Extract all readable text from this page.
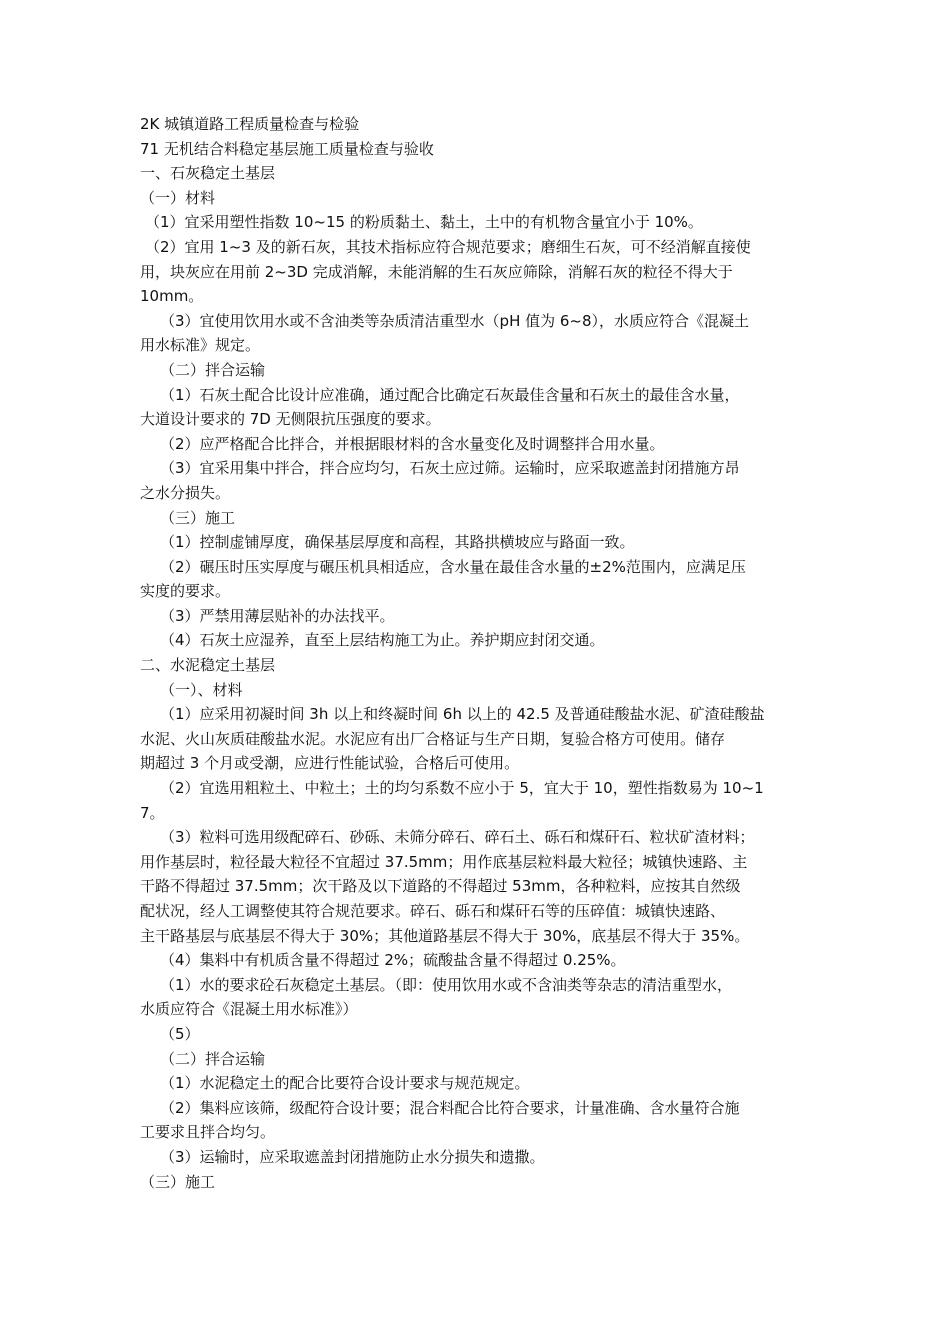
2K 城镇道路工程质量检查与检验
71 无机结合料稳定基层施工质量检查与验收
一、石灰稳定土基层
（一）材料
（1）宜采用塑性指数 10~15 的粉质黏土、黏土，土中的有机物含量宜小于 10%。
（2）宜用 1~3 及的新石灰，其技术指标应符合规范要求；磨细生石灰，可不经消解直接使
用，块灰应在用前 2~3D 完成消解，未能消解的生石灰应筛除，消解石灰的粒径不得大于
10mm。
（3）宜使用饮用水或不含油类等杂质清洁重型水（pH 值为 6~8），水质应符合《混凝土
用水标准》规定。
（二）拌合运输
（1）石灰土配合比设计应准确，通过配合比确定石灰最佳含量和石灰土的最佳含水量，
大道设计要求的 7D 无侧限抗压强度的要求。
（2）应严格配合比拌合，并根据眼材料的含水量变化及时调整拌合用水量。
（3）宜采用集中拌合，拌合应均匀，石灰土应过筛。运输时，应采取遮盖封闭措施方昂
之水分损失。
（三）施工
（1）控制虚铺厚度，确保基层厚度和高程，其路拱横坡应与路面一致。
（2）碾压时压实厚度与碾压机具相适应，含水量在最佳含水量的±2%范围内，应满足压
实度的要求。
（3）严禁用薄层贴补的办法找平。
（4）石灰土应湿养，直至上层结构施工为止。养护期应封闭交通。
二、水泥稳定土基层
（一）、材料
（1）应采用初凝时间 3h 以上和终凝时间 6h 以上的 42.5 及普通硅酸盐水泥、矿渣硅酸盐
水泥、火山灰质硅酸盐水泥。水泥应有出厂合格证与生产日期，复验合格方可使用。储存
期超过 3 个月或受潮，应进行性能试验，合格后可使用。
（2）宜选用粗粒土、中粒土；土的均匀系数不应小于 5，宜大于 10，塑性指数易为 10~1
7。
（3）粒料可选用级配碎石、砂砾、未筛分碎石、碎石土、砾石和煤矸石、粒状矿渣材料；
用作基层时，粒径最大粒径不宜超过 37.5mm；用作底基层粒料最大粒径；城镇快速路、主
干路不得超过 37.5mm；次干路及以下道路的不得超过 53mm，各种粒料，应按其自然级
配状况，经人工调整使其符合规范要求。碎石、砾石和煤矸石等的压碎值：城镇快速路、
主干路基层与底基层不得大于 30%；其他道路基层不得大于 30%，底基层不得大于 35%。
（4）集料中有机质含量不得超过 2%；硫酸盐含量不得超过 0.25%。
（1）水的要求砼石灰稳定土基层。（即：使用饮用水或不含油类等杂志的清洁重型水，
水质应符合《混凝土用水标准》）
（5）
（二）拌合运输
（1）水泥稳定土的配合比要符合设计要求与规范规定。
（2）集料应该筛，级配符合设计要；混合料配合比符合要求，计量准确、含水量符合施
工要求且拌合均匀。
（3）运输时，应采取遮盖封闭措施防止水分损失和遗撒。
（三）施工
